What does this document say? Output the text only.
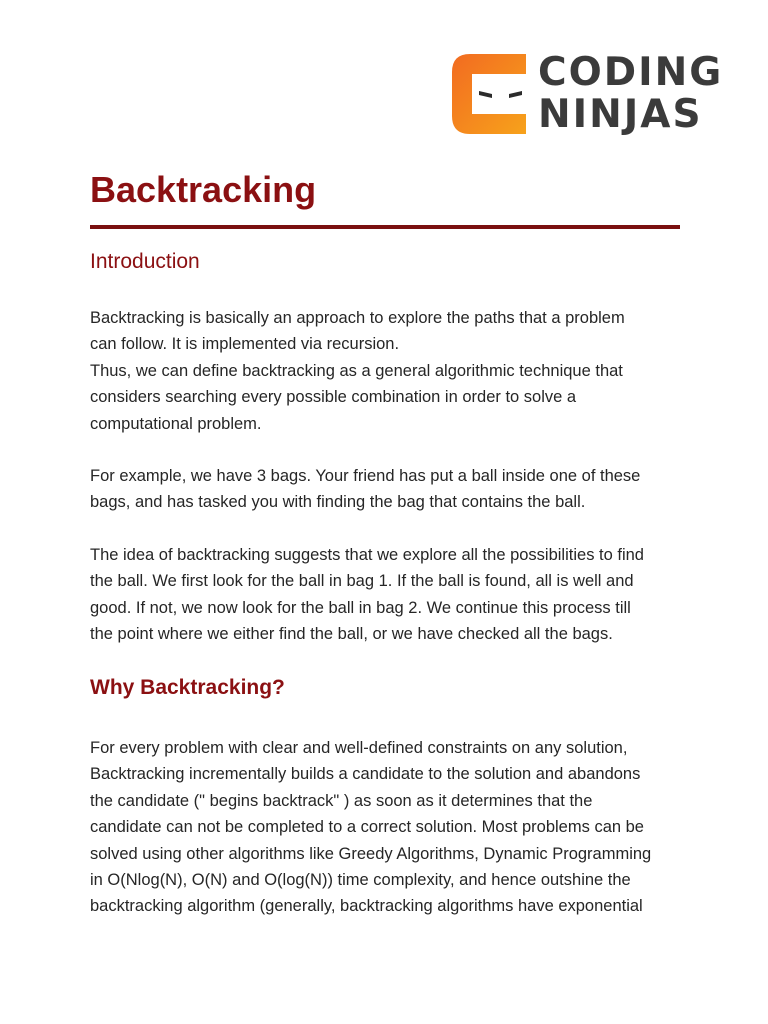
CODING
NINJAS
Backtracking
Introduction

Backtracking is basically an approach to explore the paths that a problem
can follow. It is implemented via recursion.
Thus, we can define backtracking as a general algorithmic technique that
considers searching every possible combination in order to solve a
computational problem.

For example, we have 3 bags. Your friend has put a ball inside one of these
bags, and has tasked you with finding the bag that contains the ball.

The idea of backtracking suggests that we explore all the possibilities to find
the ball. We first look for the ball in bag 1. If the ball is found, all is well and
good. If not, we now look for the ball in bag 2. We continue this process till
the point where we either find the ball, or we have checked all the bags.

Why Backtracking?

For every problem with clear and well-defined constraints on any solution,
Backtracking incrementally builds a candidate to the solution and abandons
the candidate (" begins backtrack" ) as soon as it determines that the
candidate can not be completed to a correct solution. Most problems can be
solved using other algorithms like Greedy Algorithms, Dynamic Programming
in O(Nlog(N), O(N) and O(log(N)) time complexity, and hence outshine the
backtracking algorithm (generally, backtracking algorithms have exponential
